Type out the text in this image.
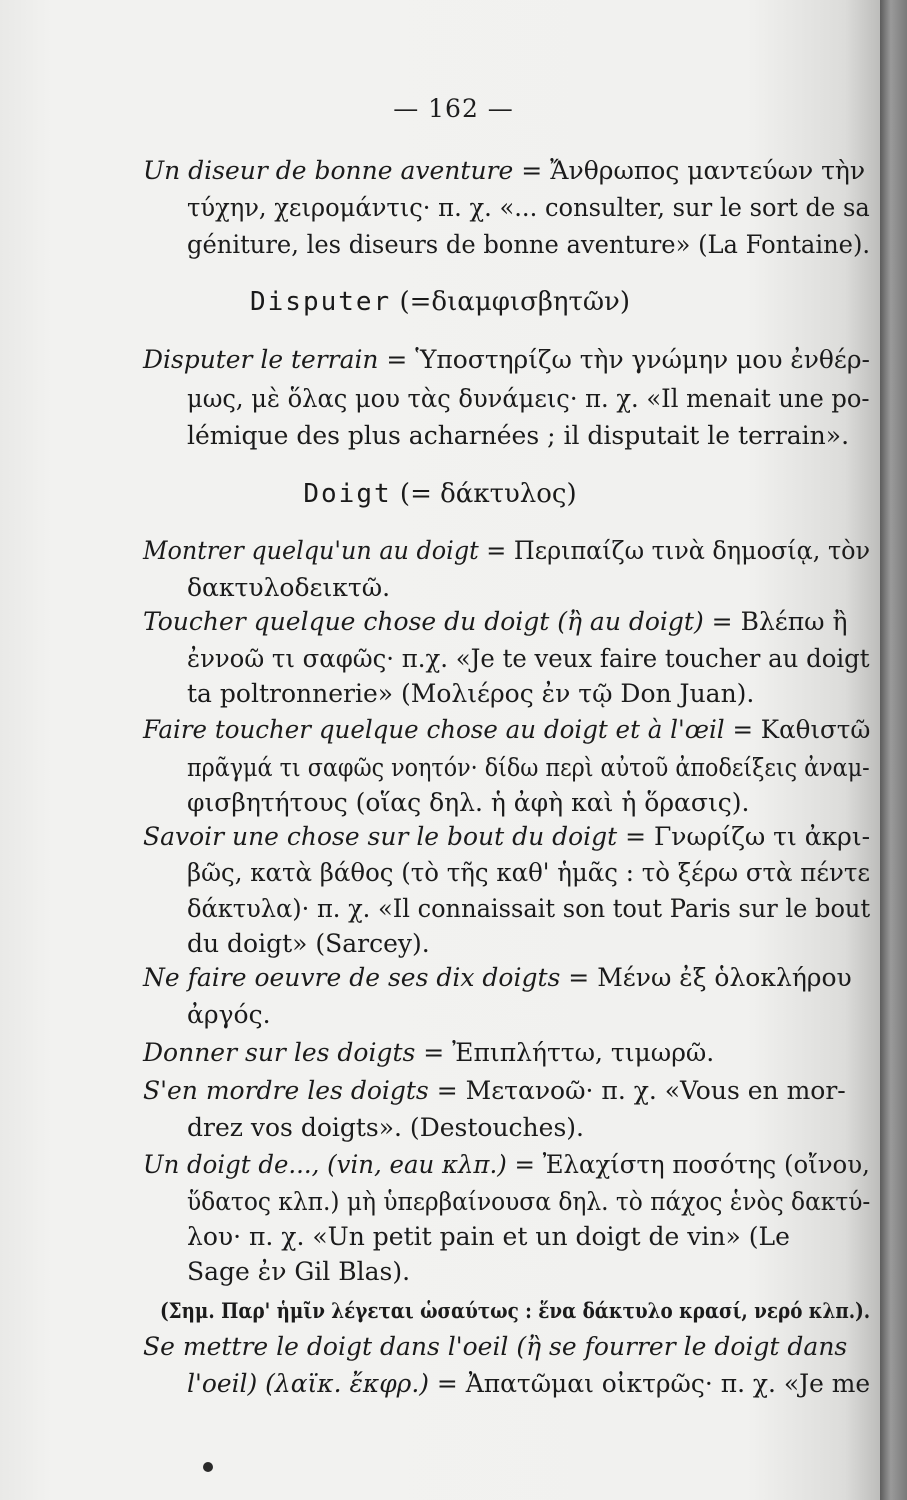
— 162 —
Un diseur de bonne aventure = Ἄνθρωπος μαντεύων τὴν
τύχην, χειρομάντις· π. χ. «... consulter, sur le sort de sa
géniture, les diseurs de bonne aventure» (La Fontaine).
Disputer (=διαμφισβητῶν)
Disputer le terrain = Ὑποστηρίζω τὴν γνώμην μου ἐνθέρ-
μως, μὲ ὅλας μου τὰς δυνάμεις· π. χ. «Il menait une po-
lémique des plus acharnées ; il disputait le terrain».
Doigt (= δάκτυλος)
Montrer quelqu'un au doigt = Περιπαίζω τινὰ δημοσίᾳ, τὸν
δακτυλοδεικτῶ.
Toucher quelque chose du doigt (ἢ au doigt) = Βλέπω ἢ
ἐννοῶ τι σαφῶς· π.χ. «Je te veux faire toucher au doigt
ta poltronnerie» (Μολιέρος ἐν τῷ Don Juan).
Faire toucher quelque chose au doigt et à l'œil = Καθιστῶ
πρᾶγμά τι σαφῶς νοητόν· δίδω περὶ αὐτοῦ ἀποδείξεις ἀναμ-
φισβητήτους (οἵας δηλ. ἡ ἀφὴ καὶ ἡ ὅρασις).
Savoir une chose sur le bout du doigt = Γνωρίζω τι ἀκρι-
βῶς, κατὰ βάθος (τὸ τῆς καθ' ἡμᾶς : τὸ ξέρω στὰ πέντε
δάκτυλα)· π. χ. «Il connaissait son tout Paris sur le bout
du doigt» (Sarcey).
Ne faire oeuvre de ses dix doigts = Μένω ἐξ ὁλοκλήρου
ἀργός.
Donner sur les doigts = Ἐπιπλήττω, τιμωρῶ.
S'en mordre les doigts = Μετανοῶ· π. χ. «Vous en mor-
drez vos doigts». (Destouches).
Un doigt de..., (vin, eau κλπ.) = Ἐλαχίστη ποσότης (οἴνου,
ὕδατος κλπ.) μὴ ὑπερβαίνουσα δηλ. τὸ πάχος ἑνὸς δακτύ-
λου· π. χ. «Un petit pain et un doigt de vin» (Le
Sage ἐν Gil Blas).
(Σημ. Παρ' ἡμῖν λέγεται ὡσαύτως : ἕνα δάκτυλο κρασί, νερό κλπ.).
Se mettre le doigt dans l'oeil (ἢ se fourrer le doigt dans
l'oeil) (λαϊκ. ἔκφρ.) = Ἀπατῶμαι οἰκτρῶς· π. χ. «Je me
